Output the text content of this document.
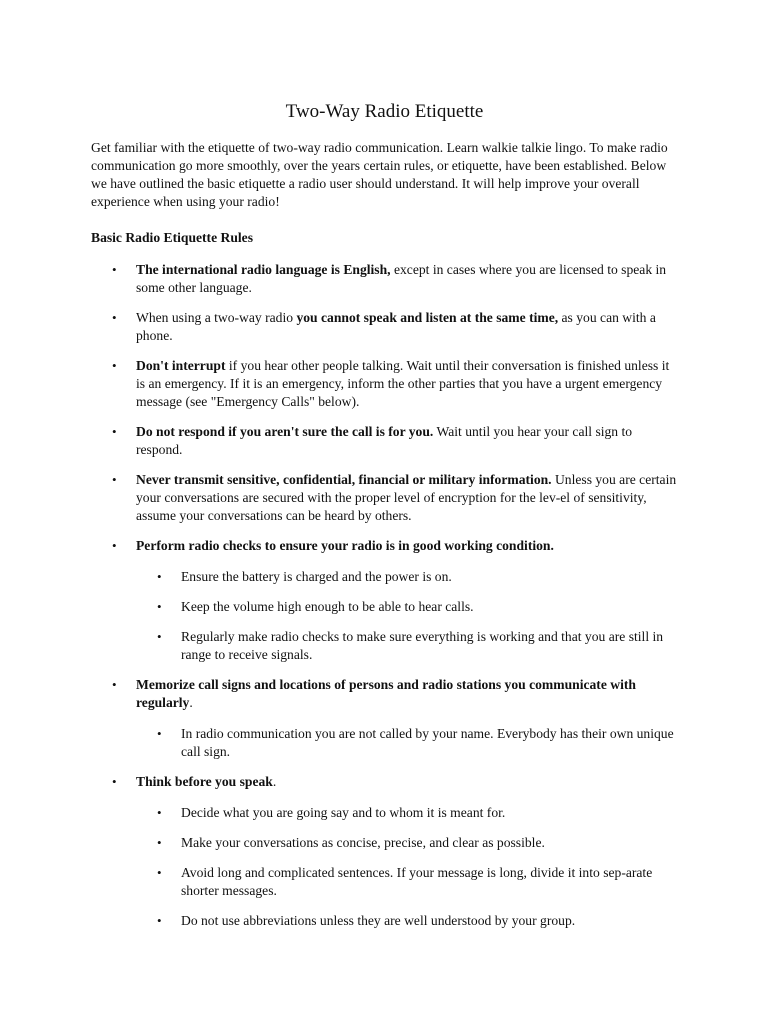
Two-Way Radio Etiquette

Get familiar with the etiquette of two-way radio communication. Learn walkie talkie lingo. To make radio communication go more smoothly, over the years certain rules, or etiquette, have been established. Below we have outlined the basic etiquette a radio user should understand. It will help improve your overall experience when using your radio!

Basic Radio Etiquette Rules
•	The international radio language is English, except in cases where you are licensed to speak in some other language.
•	When using a two-way radio you cannot speak and listen at the same time, as you can with a phone.
•	Don't interrupt if you hear other people talking. Wait until their conversation is finished unless it is an emergency. If it is an emergency, inform the other parties that you have a urgent emergency message (see "Emergency Calls" below).
•	Do not respond if you aren't sure the call is for you. Wait until you hear your call sign to respond.
•	Never transmit sensitive, confidential, financial or military information. Unless you are certain your conversations are secured with the proper level of encryption for the lev-el of sensitivity, assume your conversations can be heard by others.
•	Perform radio checks to ensure your radio is in good working condition.
•	Ensure the battery is charged and the power is on.
•	Keep the volume high enough to be able to hear calls.
•	Regularly make radio checks to make sure everything is working and that you are still in range to receive signals.
•	Memorize call signs and locations of persons and radio stations you communicate with regularly.
•	In radio communication you are not called by your name. Everybody has their own unique call sign.
•	Think before you speak.
•	Decide what you are going say and to whom it is meant for.
•	Make your conversations as concise, precise, and clear as possible.
•	Avoid long and complicated sentences. If your message is long, divide it into sep-arate shorter messages.
•	Do not use abbreviations unless they are well understood by your group.
